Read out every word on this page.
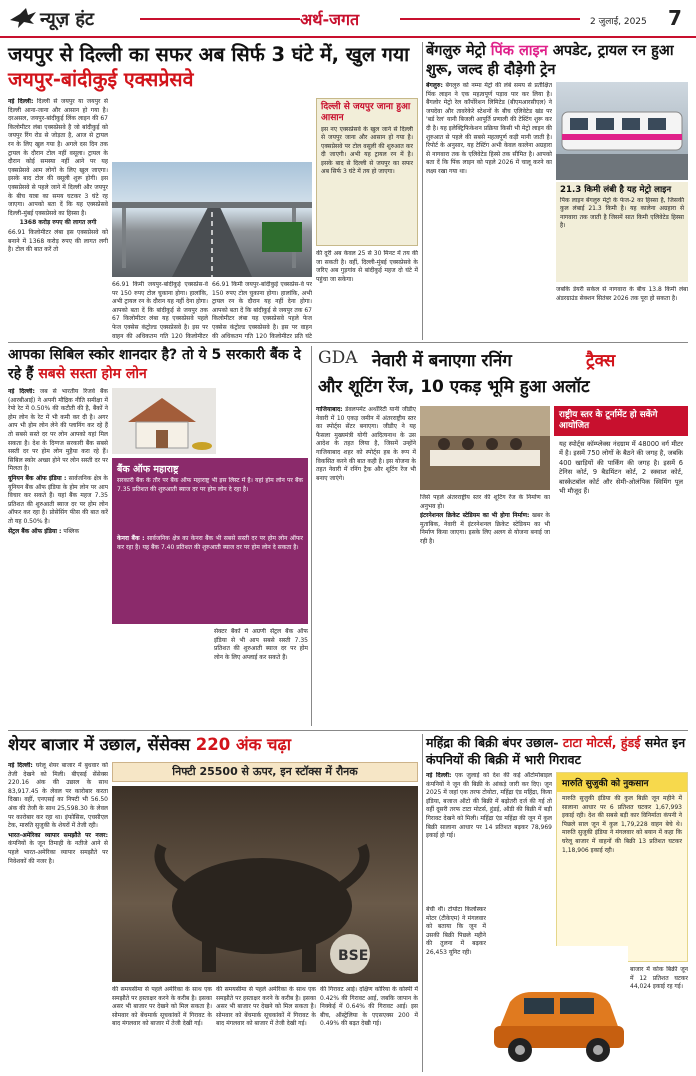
न्यूज़ हंट	अर्थ-जगत	2 जुलाई, 2025 7
जयपुर से दिल्ली का सफर अब सिर्फ 3 घंटे में, खुल गया जयपुर-बांदीकुई एक्सप्रेसवे

नई दिल्ली: दिल्ली से जयपुर या जयपुर से दिल्ली आना-जाना और आसान हो गया है। दरअसल, जयपुर-बांदीकुई लिंक लाइन की 67 किलोमीटर लंबा एक्सप्रेसवे है जो बांदीकुई को जयपुर रिंग रोड से जोड़ता है, आज से ट्रायल रन के लिए खुल गया है। अगले दस दिन तक ट्रायल के दौरान टोल नहीं वसूला। ट्रायल के दौरान कोई समस्या नहीं आने पर यह एक्सप्रेसवे आम लोगों के लिए खुल जाएगा। इसके बाद टोल की वसूली शुरू होगी। इस एक्सप्रेसवे से पहले जाने में दिल्ली और जयपुर के बीच यात्रा का समय घटकर 3 घंटे रह जाएगा। आपको बता दें कि यह एक्सप्रेसवे दिल्ली-मुंबई एक्सप्रेसवे का हिस्सा है।

1368 करोड़ रुपए की लागत लगी

66.91 किलोमीटर लंबा इस एक्सप्रेसवे को बनाने में 1368 करोड़ रुपए की लागत लगी है। टोल की बात करें तो

दिल्ली से जयपुर जाना हुआ आसान
इस नए एक्सप्रेसवे के खुल जाने से दिल्ली से जयपुर जाना और आसान हो गया है। एक्सप्रेसवे पर टोल वसूली की शुरुआत कर दी जाएगी। अभी यह ट्रायल रन में है। इसके बाद से दिल्ली से जयपुर का सफर अब सिर्फ 3 घंटे में तय हो जाएगा।
66.91 किमी जयपुर-बांदीकुई एक्सप्रेस-वे पर 150 रुपए टोल चुकाना होगा। हालांकि, अभी ट्रायल रन के दौरान यह नहीं देना होगा। आपको बता दें कि बांदीकुई से जयपुर तक 67 किलोमीटर लंबा यह एक्सप्रेसवे पहले फेज एक्सेस कंट्रोल्ड एक्सप्रेसवे है। इस पर वाहन की अधिकतम गति 120 किलोमीटर
66.91 किमी जयपुर-बांदीकुई एक्सप्रेस-वे पर 150 रुपए टोल चुकाना होगा। हालांकि, अभी ट्रायल रन के दौरान यह नहीं देना होगा। आपको बता दें कि बांदीकुई से जयपुर तक 67 किलोमीटर लंबा यह एक्सप्रेसवे पहले फेज एक्सेस कंट्रोल्ड एक्सप्रेसवे है। इस पर वाहन की अधिकतम गति 120 किलोमीटर प्रति घंटे
की दूरी अब केवल 25 से 30 मिनट में तय की जा सकती है। वहीं, दिल्ली-मुंबई एक्सप्रेसवे के जरिए अब गुड़गांव से बांदीकुई महज दो घंटे में पहुंचा जा सकेगा।
बेंगलुरु मेट्रो पिंक लाइन अपडेट, ट्रायल रन हुआ शुरू, जल्द ही दौड़ेगी ट्रेन
बेंगलुरु: बेंगलुरु को नम्मा मेट्रो की लंबे समय से प्रतीक्षित पिंक लाइन ने एक महत्वपूर्ण पड़ाव पार कर लिया है। बैंगलोर मेट्रो रेल कॉर्पोरेशन लिमिटेड (बीएमआरसीएल) ने जयदेवा और तावरेकेरे स्टेशनों के बीच एलिवेटेड खंड पर 'बर्ड रेल' यानी बिजली आपूर्ति प्रणाली की टेस्टिंग शुरू कर दी है। यह इलेक्ट्रिफिकेशन प्रक्रिया किसी भी मेट्रो लाइन की शुरुआत से पहले की सबसे महत्वपूर्ण कड़ी मानी जाती है। रिपोर्ट के अनुसार, यह टेस्टिंग अभी केवल कालेना अग्रहारा से नागवारा तक के एलिवेटेड हिस्से तक सीमित है। आपको बता दें कि पिंक लाइन को पहले 2026 में चालू करने का लक्ष्य रखा गया था।
21.3 किमी लंबी है यह मेट्रो लाइन
पिंक लाइन बेंगलुरु मेट्रो के फेज-2 का हिस्सा है, जिसकी कुल लंबाई 21.3 किमी है। यह कालेना अग्रहारा से नागवारा तक जाती है जिसमें सात किमी एलिवेटेड हिस्सा है।
जबकि डेयरी सर्कल से नागवारा के बीच 13.8 किमी लंबा अंडरग्राउंड सेक्शन सितंबर 2026 तक पूरा हो सकता है।
आपका सिबिल स्कोर शानदार है? तो ये 5 सरकारी बैंक दे रहे हैं सबसे सस्ता होम लोन

नई दिल्ली: जब से भारतीय रिजर्व बैंक (आरबीआई) ने अपनी मौद्रिक नीति समीक्षा में रेपो रेट में 0.50% की कटौती की है, बैंकों ने होम लोन के रेट में भी कमी कर दी है। अगर आप भी होम लोन लेने की प्लानिंग कर रहे हैं तो सबसे सस्ते दर पर लोन आपको यहां मिल सकता है। देश के दिग्गज सरकारी बैंक सबसे सस्ती दर पर होम लोन मुहैया करा रहे हैं। सिबिल स्कोर अच्छा होने पर लोन सस्ती दर पर मिलता है।

यूनियन बैंक ऑफ इंडिया : सार्वजनिक क्षेत्र के यूनियन बैंक ऑफ इंडिया के होम लोन पर आप विचार कर सकते हैं। यहां बैंक महज 7.35 प्रतिशत की शुरुआती ब्याज दर पर होम लोन ऑफर कर रहा है। प्रोसेसिंग फीस की बात करें तो यह 0.50% है।

सेंट्रल बैंक ऑफ इंडिया : पब्लिक

बैंक ऑफ महाराष्ट्र
सरकारी बैंक के तौर पर बैंक ऑफ महाराष्ट्र भी इस लिस्ट में है। यहां होम लोन पर बैंक 7.35 प्रतिशत की शुरुआती ब्याज दर पर होम लोन दे रहा है।
केनरा बैंक : सार्वजनिक क्षेत्र का केनरा बैंक भी सबसे सस्ती दर पर होम लोन ऑफर कर रहा है। यह बैंक 7.40 प्रतिशत की शुरुआती ब्याज दर पर होम लोन दे सकता है।
सेक्टर बैंकों में अग्रणी सेंट्रल बैंक ऑफ इंडिया से भी आप सबसे सस्ती 7.35 प्रतिशत की शुरुआती ब्याज दर पर होम लोन के लिए अप्लाई कर सकते हैं।
GDA नेवारी में बनाएगा रनिंग	ट्रैक्स
और शूटिंग रेंज, 10 एकड़ भूमि हुआ अलॉट
गाजियाबाद: डेवलपमेंट अथॉरिटी यानी जीडीए नेवारी में 10 एकड़ जमीन में अंतरराष्ट्रीय स्तर का स्पोर्ट्स सेंटर बनाएगा। जीडीए ने यह फैसला मुख्यमंत्री योगी आदित्यनाथ के उस आदेश के तहत लिया है, जिसमें उन्होंने गाजियाबाद शहर को स्पोर्ट्स हब के रूप में विकसित करने की बात कही है। इस योजना के तहत नेवारी में रनिंग ट्रैक और शूटिंग रेंज भी बनाए जाएंगे।

जिसे पहले अंतरराष्ट्रीय स्तर की शूटिंग रेंज के निर्माण का अनुभव हो।

इंटरनेशनल क्रिकेट स्टेडियम का भी होगा निर्माण: खबर के मुताबिक, नेवारी में इंटरनेशनल क्रिकेट स्टेडियम का भी निर्माण किया जाएगा। इसके लिए अलग से योजना बनाई जा रही है।

राष्ट्रीय स्तर के टूर्नामेंट हो सकेंगे आयोजित
यह स्पोर्ट्स कॉम्प्लेक्स नंदग्राम में 48000 वर्ग मीटर में है। इसमें 750 लोगों के बैठने की जगह है, जबकि 400 खाड़ियों की पार्किंग की जगह है। इसमें 6 टेनिस कोर्ट, 9 बैडमिंटन कोर्ट, 2 स्क्वाश कोर्ट, बास्केटबॉल कोर्ट और सेमी-ओलंपिक स्विमिंग पूल भी मौजूद हैं।
शेयर बाजार में उछाल, सेंसेक्स 220 अंक चढ़ा

नई दिल्ली: घरेलू शेयर बाजार में बुधवार को तेजी देखने को मिली। बीएसई सेंसेक्स 220.16 अंक की उछाल के साथ 83,917.45 के लेवल पर कारोबार करता दिखा। वहीं, एनएसई का निफ्टी भी 56.50 अंक की तेजी के साथ 25,598.30 के लेवल पर कारोबार कर रहा था। इंफोसिस, एचसीएल टेक, मारुति सुजुकी के शेयरों में तेजी रही।

भारत-अमेरिका व्यापार समझौते पर नजर: कंपनियों के जून तिमाही के नतीजे आने से पहले भारत-अमेरिका व्यापार समझौते पर निवेशकों की नजर है।

निफ्टी 25500 से ऊपर, इन स्टॉक्स में रौनक
BSE
की समयसीमा से पहले अमेरिका के साथ एक समझौते पर हस्ताक्षर करने के करीब है। इसका असर भी बाजार पर देखने को मिल सकता है। सोमवार को बेंचमार्क सूचकांकों में गिरावट के बाद मंगलवार को बाजार में तेजी देखी गई।
की समयसीमा से पहले अमेरिका के साथ एक समझौते पर हस्ताक्षर करने के करीब है। इसका असर भी बाजार पर देखने को मिल सकता है। सोमवार को बेंचमार्क सूचकांकों में गिरावट के बाद मंगलवार को बाजार में तेजी देखी गई।
की गिरावट आई। दक्षिण कोरिया के कोस्पी में 0.42% की गिरावट आई, जबकि जापान के निक्केई में 0.64% की गिरावट आई। इस बीच, ऑस्ट्रेलिया के एएसएक्स 200 में 0.49% की बढ़त देखी गई।
महिंद्रा की बिक्री बंपर उछाल- टाटा मोटर्स, हुंडई समेत इन कंपनियों की बिक्री में भारी गिरावट
नई दिल्ली: एक जुलाई को देश की कई ऑटोमोबाइल कंपनियों ने जून की बिक्री के आंकड़े जारी कर दिए। जून 2025 में जहां एक तरफ टोयोटा, महिंद्रा एंड महिंद्रा, किया इंडिया, बजाज ऑटो की बिक्री में बढ़ोतरी दर्ज की गई तो वहीं दूसरी तरफ टाटा मोटर्स, हुंडई, ऑडी की बिक्री में बड़ी गिरावट देखने को मिली। महिंद्रा एंड महिंद्रा की जून में कुल बिक्री सालाना आधार पर 14 प्रतिशत बढ़कर 78,969 इकाई हो गई।
बेची थीं। टोयोटा किर्लोस्कर मोटर (टीकेएम) ने मंगलवार को बताया कि जून में उसकी बिक्री पिछले महीने की तुलना में बढ़कर 26,453 यूनिट रही।
मारुति सुजुकी को नुकसान
मारुति सुजुकी इंडिया की कुल बिक्री जून महीने में सालाना आधार पर 6 प्रतिशत घटकर 1,67,993 इकाई रही। देश की सबसे बड़ी कार विनिर्माता कंपनी ने पिछले साल जून में कुल 1,79,228 वाहन बेचे थे। मारुति सुजुकी इंडिया ने मंगलवार को बयान में कहा कि घरेलू बाजार में वाहनों की बिक्री 13 प्रतिशत घटकर 1,18,906 इकाई रही।
बाजार में कोक बिक्री जून में 12 प्रतिशत घटकर 44,024 इकाई रह गई।
